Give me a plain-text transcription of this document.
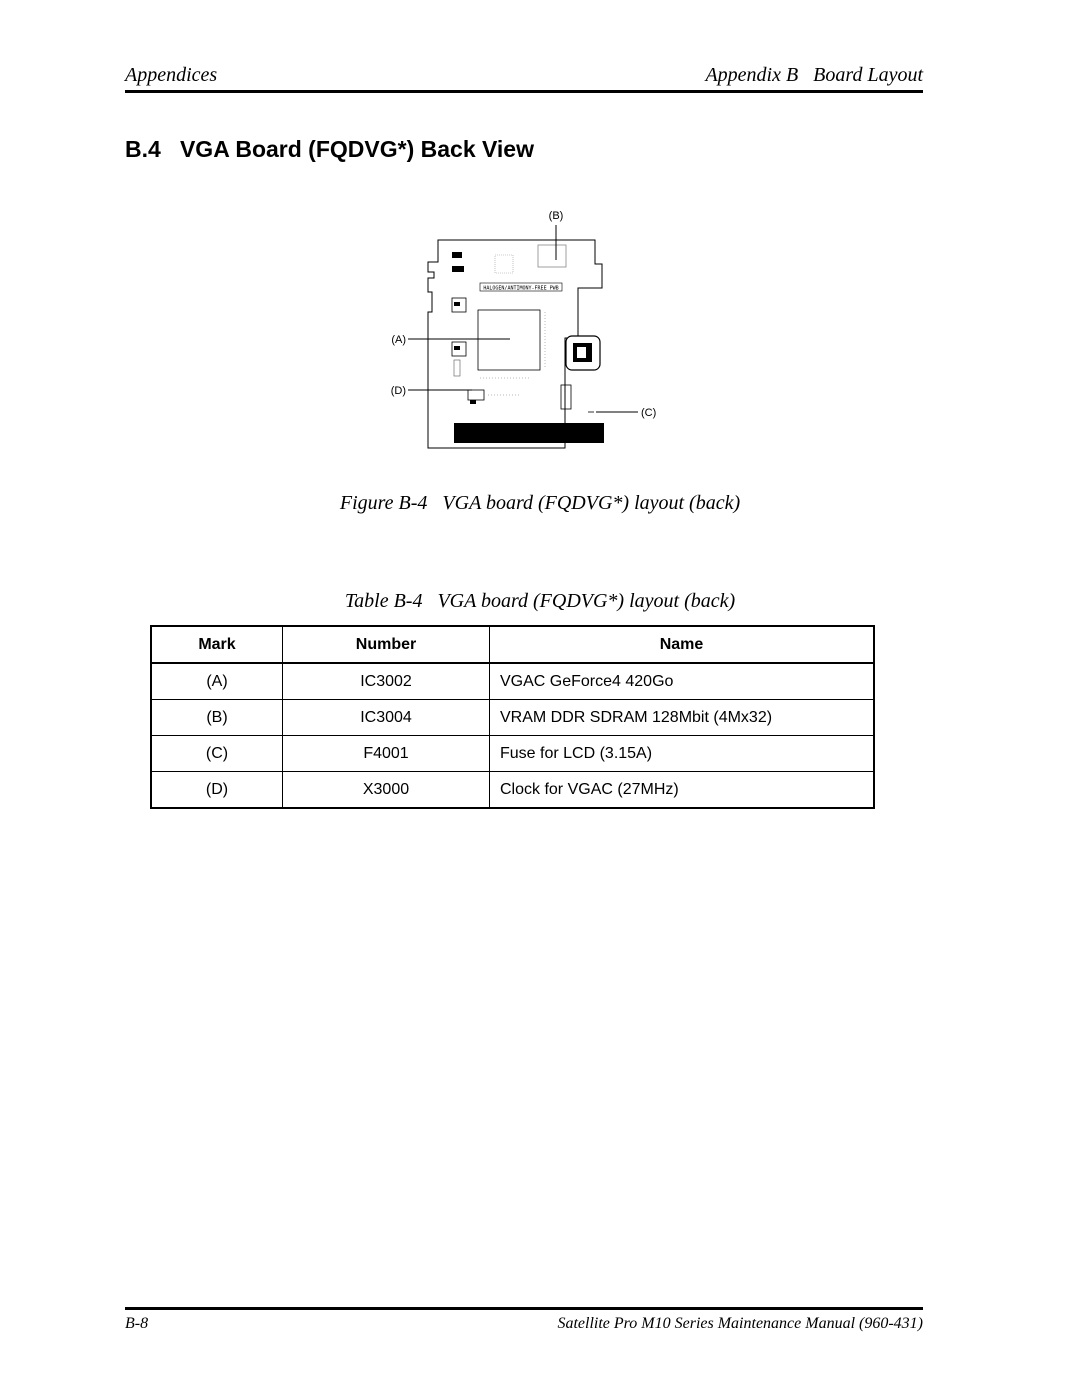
Appendices	Appendix B   Board Layout
B.4   VGA Board (FQDVG*) Back View
HALOGEN/ANTIMONY-FREE PWB
(B)
(A)
(D)
(C)
Figure B-4   VGA board (FQDVG*) layout (back)
Table B-4   VGA board (FQDVG*) layout (back)
Mark	Number	Name
(A)	IC3002	VGAC GeForce4 420Go
(B)	IC3004	VRAM DDR SDRAM 128Mbit (4Mx32)
(C)	F4001	Fuse for LCD (3.15A)
(D)	X3000	Clock for VGAC (27MHz)
B-8	Satellite Pro M10 Series Maintenance Manual (960-431)
